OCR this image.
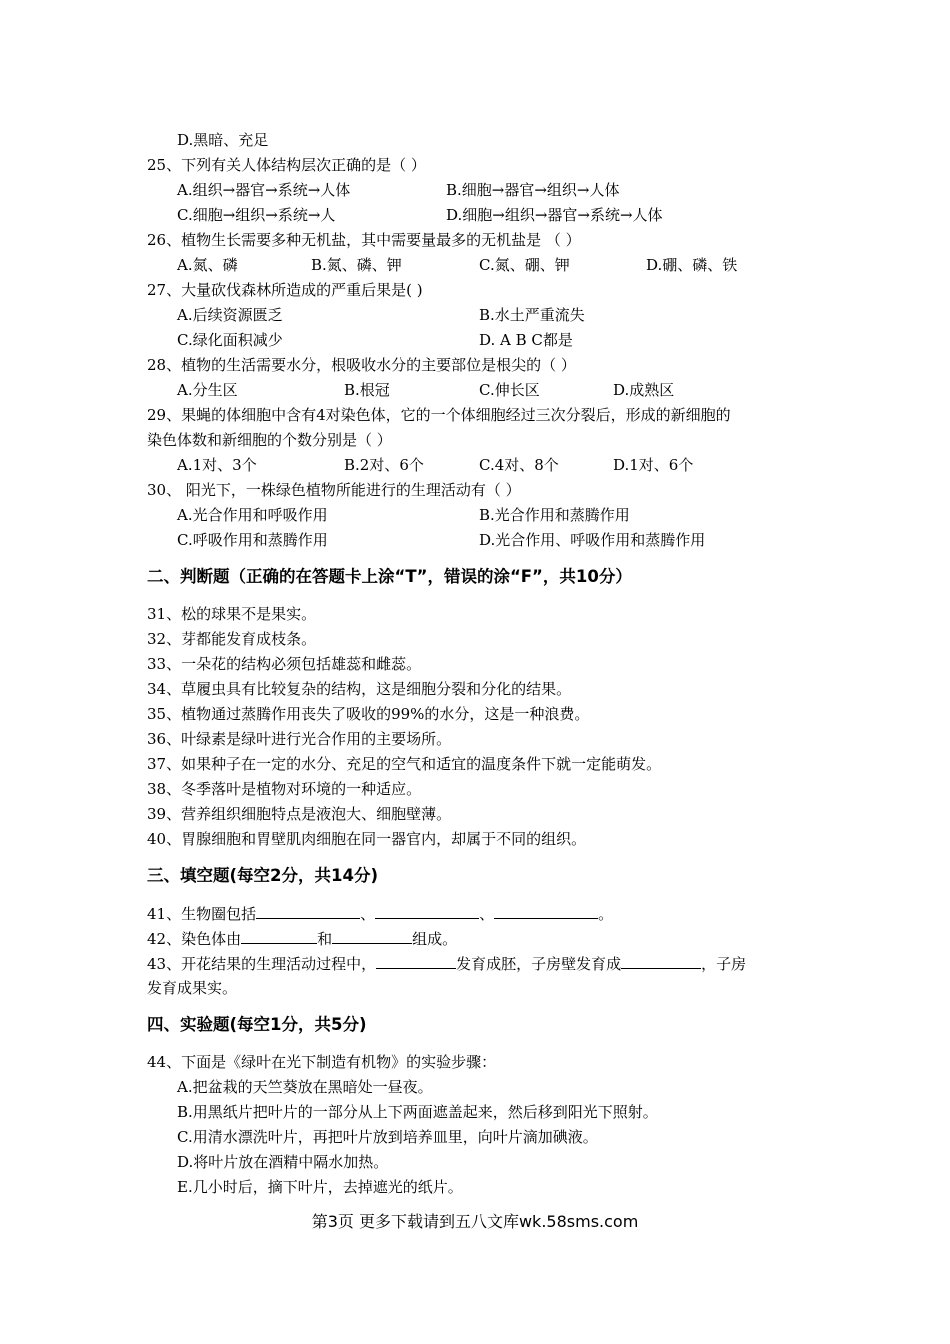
D.黑暗、充足
25、下列有关人体结构层次正确的是（ ）
A.组织→器官→系统→人体	B.细胞→器官→组织→人体
C.细胞→组织→系统→人	D.细胞→组织→器官→系统→人体
26、植物生长需要多种无机盐，其中需要量最多的无机盐是 （ ）
A.氮、磷	B.氮、磷、钾	C.氮、硼、钾	D.硼、磷、铁
27、大量砍伐森林所造成的严重后果是( )
A.后续资源匮乏	B.水土严重流失
C.绿化面积减少	D. A B C都是
28、植物的生活需要水分，根吸收水分的主要部位是根尖的（ ）
A.分生区	B.根冠	C.伸长区	D.成熟区
29、果蝇的体细胞中含有4对染色体，它的一个体细胞经过三次分裂后，形成的新细胞的
染色体数和新细胞的个数分别是（ ）
A.1对、3个	B.2对、6个	C.4对、8个	D.1对、6个
30、 阳光下，一株绿色植物所能进行的生理活动有（ ）
A.光合作用和呼吸作用	B.光合作用和蒸腾作用
C.呼吸作用和蒸腾作用	D.光合作用、呼吸作用和蒸腾作用
二、判断题（正确的在答题卡上涂“T”，错误的涂“F”，共10分）
31、松的球果不是果实。
32、芽都能发育成枝条。
33、一朵花的结构必须包括雄蕊和雌蕊。
34、草履虫具有比较复杂的结构，这是细胞分裂和分化的结果。
35、植物通过蒸腾作用丧失了吸收的99%的水分，这是一种浪费。
36、叶绿素是绿叶进行光合作用的主要场所。
37、如果种子在一定的水分、充足的空气和适宜的温度条件下就一定能萌发。
38、冬季落叶是植物对环境的一种适应。
39、营养组织细胞特点是液泡大、细胞壁薄。
40、胃腺细胞和胃壁肌肉细胞在同一器官内，却属于不同的组织。
三、填空题(每空2分，共14分)
41、生物圈包括	、	、	。
42、染色体由	和	组成。
43、开花结果的生理活动过程中，	发育成胚，子房壁发育成	，子房
发育成果实。
四、实验题(每空1分，共5分)
44、下面是《绿叶在光下制造有机物》的实验步骤：
A.把盆栽的天竺葵放在黑暗处一昼夜。
B.用黑纸片把叶片的一部分从上下两面遮盖起来，然后移到阳光下照射。
C.用清水漂洗叶片，再把叶片放到培养皿里，向叶片滴加碘液。
D.将叶片放在酒精中隔水加热。
E.几小时后，摘下叶片，去掉遮光的纸片。
第3页 更多下载请到五八文库wk.58sms.com
